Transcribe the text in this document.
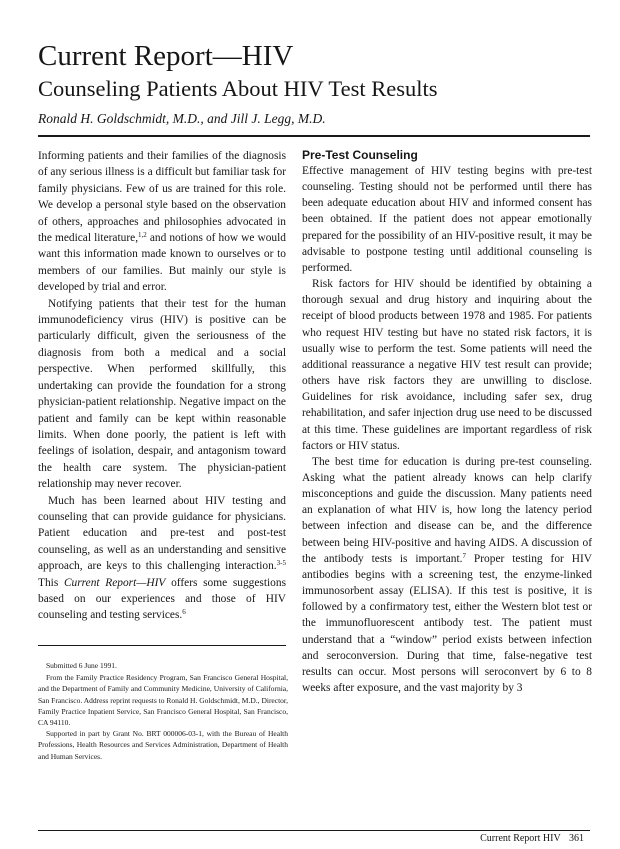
Current Report—HIV
Counseling Patients About HIV Test Results
Ronald H. Goldschmidt, M.D., and Jill J. Legg, M.D.

Informing patients and their families of the diagnosis of any serious illness is a difficult but familiar task for family physicians. Few of us are trained for this role. We develop a personal style based on the observation of others, approaches and philosophies advocated in the medical literature,$^{1,2}$ and notions of how we would want this information made known to ourselves or to members of our families. But mainly our style is developed by trial and error.

Notifying patients that their test for the human immunodeficiency virus (HIV) is positive can be particularly difficult, given the seriousness of the diagnosis from both a medical and a social perspective. When performed skillfully, this undertaking can provide the foundation for a strong physician-patient relationship. Negative impact on the patient and family can be kept within reasonable limits. When done poorly, the patient is left with feelings of isolation, despair, and antagonism toward the health care system. The physician-patient relationship may never recover.

Much has been learned about HIV testing and counseling that can provide guidance for physicians. Patient education and pre-test and post-test counseling, as well as an understanding and sensitive approach, are keys to this challenging interaction.$^{3-5}$ This Current Report—HIV offers some suggestions based on our experiences and those of HIV counseling and testing services.$^6$

Submitted 6 June 1991.

From the Family Practice Residency Program, San Francisco General Hospital, and the Department of Family and Community Medicine, University of California, San Francisco. Address reprint requests to Ronald H. Goldschmidt, M.D., Director, Family Practice Inpatient Service, San Francisco General Hospital, San Francisco, CA 94110.

Supported in part by Grant No. BRT 000006-03-1, with the Bureau of Health Professions, Health Resources and Services Administration, Department of Health and Human Services.

Pre-Test Counseling

Effective management of HIV testing begins with pre-test counseling. Testing should not be performed until there has been adequate education about HIV and informed consent has been obtained. If the patient does not appear emotionally prepared for the possibility of an HIV-positive result, it may be advisable to postpone testing until additional counseling is performed.

Risk factors for HIV should be identified by obtaining a thorough sexual and drug history and inquiring about the receipt of blood products between 1978 and 1985. For patients who request HIV testing but have no stated risk factors, it is usually wise to perform the test. Some patients will need the additional reassurance a negative HIV test result can provide; others have risk factors they are unwilling to disclose. Guidelines for risk avoidance, including safer sex, drug rehabilitation, and safer injection drug use need to be discussed at this time. These guidelines are important regardless of risk factors or HIV status.

The best time for education is during pre-test counseling. Asking what the patient already knows can help clarify misconceptions and guide the discussion. Many patients need an explanation of what HIV is, how long the latency period between infection and disease can be, and the difference between being HIV-positive and having AIDS. A discussion of the antibody tests is important.$^7$ Proper testing for HIV antibodies begins with a screening test, the enzyme-linked immunosorbent assay (ELISA). If this test is positive, it is followed by a confirmatory test, either the Western blot test or the immunofluorescent antibody test. The patient must understand that a “window” period exists between infection and seroconversion. During that time, false-negative test results can occur. Most persons will seroconvert by 6 to 8 weeks after exposure, and the vast majority by 3

Current Report HIV 361
